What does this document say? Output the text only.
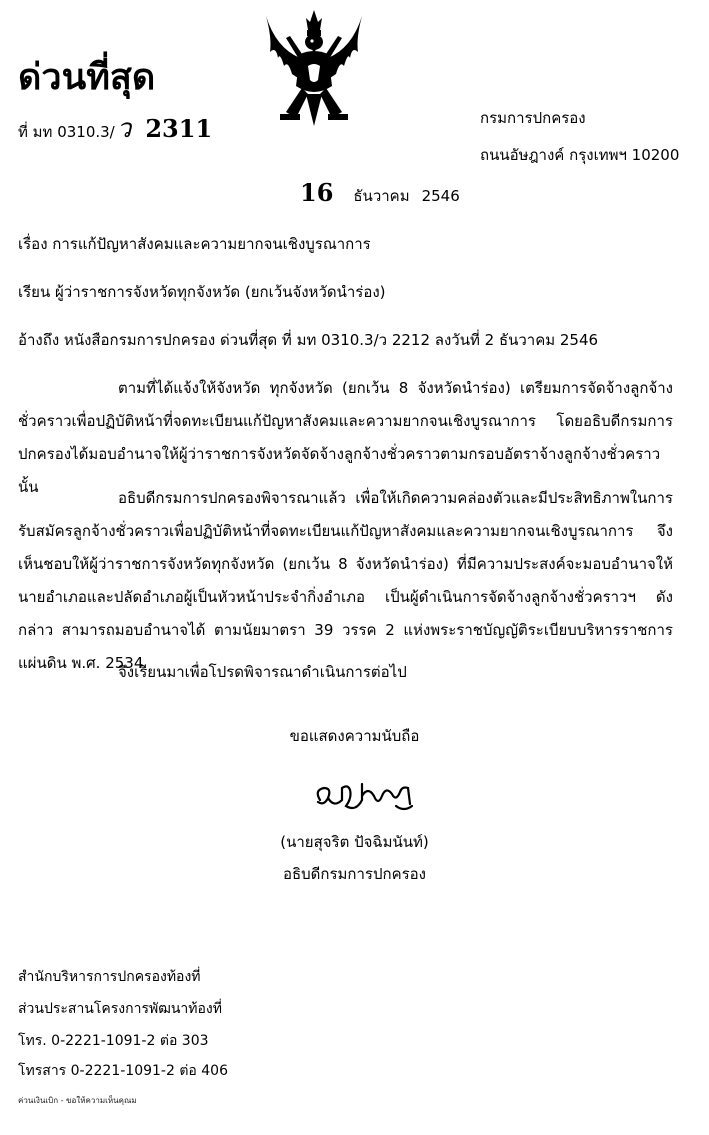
ด่วนที่สุด
ที่ มท 0310.3/ว 2311	กรมการปกครอง
ถนนอัษฎางค์ กรุงเทพฯ 10200
16 ธันวาคม 2546
เรื่อง การแก้ปัญหาสังคมและความยากจนเชิงบูรณาการ
เรียน ผู้ว่าราชการจังหวัดทุกจังหวัด (ยกเว้นจังหวัดนำร่อง)
อ้างถึง หนังสือกรมการปกครอง ด่วนที่สุด ที่ มท 0310.3/ว 2212 ลงวันที่ 2 ธันวาคม 2546
ตามที่ได้แจ้งให้จังหวัด ทุกจังหวัด (ยกเว้น 8 จังหวัดนำร่อง) เตรียมการจัดจ้างลูกจ้างชั่วคราวเพื่อปฏิบัติหน้าที่จดทะเบียนแก้ปัญหาสังคมและความยากจนเชิงบูรณาการ โดยอธิบดีกรมการปกครองได้มอบอำนาจให้ผู้ว่าราชการจังหวัดจัดจ้างลูกจ้างชั่วคราวตามกรอบอัตราจ้างลูกจ้างชั่วคราว นั้น
อธิบดีกรมการปกครองพิจารณาแล้ว เพื่อให้เกิดความคล่องตัวและมีประสิทธิภาพในการรับสมัครลูกจ้างชั่วคราวเพื่อปฏิบัติหน้าที่จดทะเบียนแก้ปัญหาสังคมและความยากจนเชิงบูรณาการ จึงเห็นชอบให้ผู้ว่าราชการจังหวัดทุกจังหวัด (ยกเว้น 8 จังหวัดนำร่อง) ที่มีความประสงค์จะมอบอำนาจให้นายอำเภอและปลัดอำเภอผู้เป็นหัวหน้าประจำกิ่งอำเภอ เป็นผู้ดำเนินการจัดจ้างลูกจ้างชั่วคราวฯ ดังกล่าว สามารถมอบอำนาจได้ ตามนัยมาตรา 39 วรรค 2 แห่งพระราชบัญญัติระเบียบบริหารราชการแผ่นดิน พ.ศ. 2534
จึงเรียนมาเพื่อโปรดพิจารณาดำเนินการต่อไป
ขอแสดงความนับถือ
(นายสุจริต ปัจฉิมนันท์)
อธิบดีกรมการปกครอง
สำนักบริหารการปกครองท้องที่
ส่วนประสานโครงการพัฒนาท้องที่
โทร. 0-2221-1091-2 ต่อ 303
โทรสาร 0-2221-1091-2 ต่อ 406
ค่วนเงินเบิก - ขอให้ความเห็นคุณม
